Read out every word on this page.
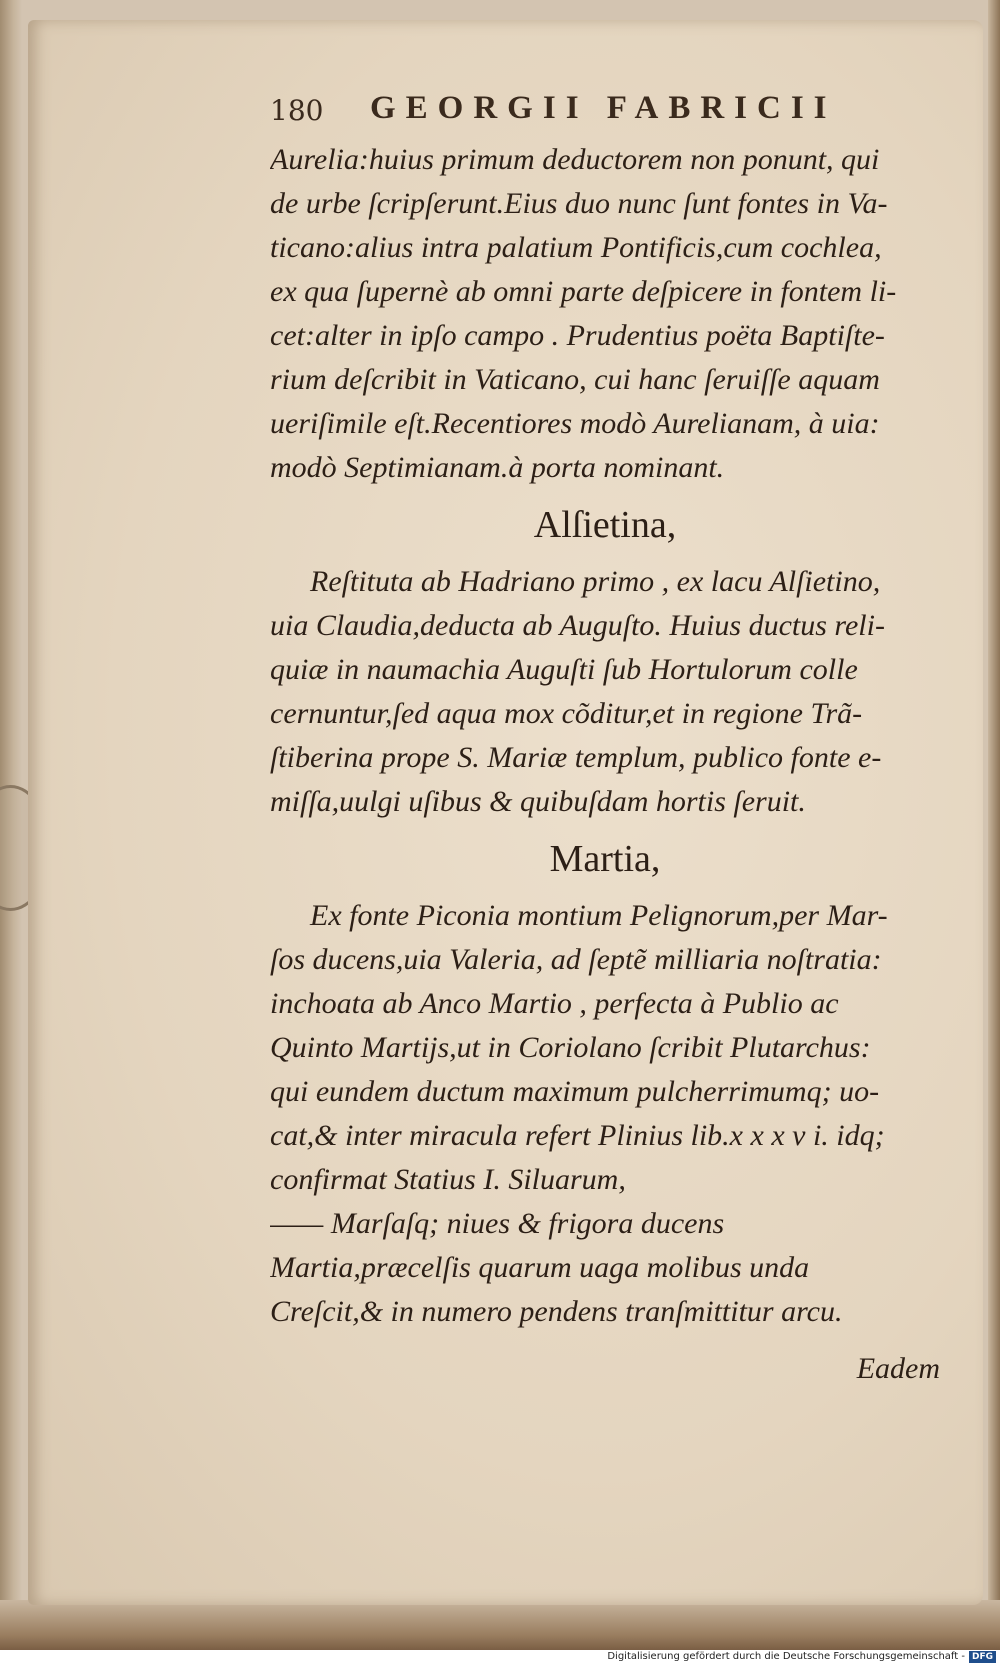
180 GEORGII FABRICII
Aurelia:huius primum deductorem non ponunt, qui
de urbe ſcripſerunt.Eius duo nunc ſunt fontes in Va-
ticano:alius intra palatium Pontificis,cum cochlea,
ex qua ſupernè ab omni parte deſpicere in fontem li-
cet:alter in ipſo campo . Prudentius poëta Baptiſte-
rium deſcribit in Vaticano, cui hanc ſeruiſſe aquam
ueriſimile eſt.Recentiores modò Aurelianam, à uia:
modò Septimianam.à porta nominant.
Alſietina,
Reſtituta ab Hadriano primo , ex lacu Alſietino,
uia Claudia,deducta ab Auguſto. Huius ductus reli-
quiæ in naumachia Auguſti ſub Hortulorum colle
cernuntur,ſed aqua mox cõditur,et in regione Trã-
ſtiberina prope S. Mariæ templum, publico fonte e-
miſſa,uulgi uſibus & quibuſdam hortis ſeruit.
Martia,
Ex fonte Piconia montium Pelignorum,per Mar-
ſos ducens,uia Valeria, ad ſeptẽ milliaria noſtratia:
inchoata ab Anco Martio , perfecta à Publio ac
Quinto Martijs,ut in Coriolano ſcribit Plutarchus:
qui eundem ductum maximum pulcherrimumq; uo-
cat,& inter miracula refert Plinius lib.x x x v i. idq;
confirmat Statius I. Siluarum,
—— Marſaſq; niues & frigora ducens
Martia,præcelſis quarum uaga molibus unda
Creſcit,& in numero pendens tranſmittitur arcu.
Eadem
Digitalisierung gefördert durch die Deutsche Forschungsgemeinschaft - DFG
